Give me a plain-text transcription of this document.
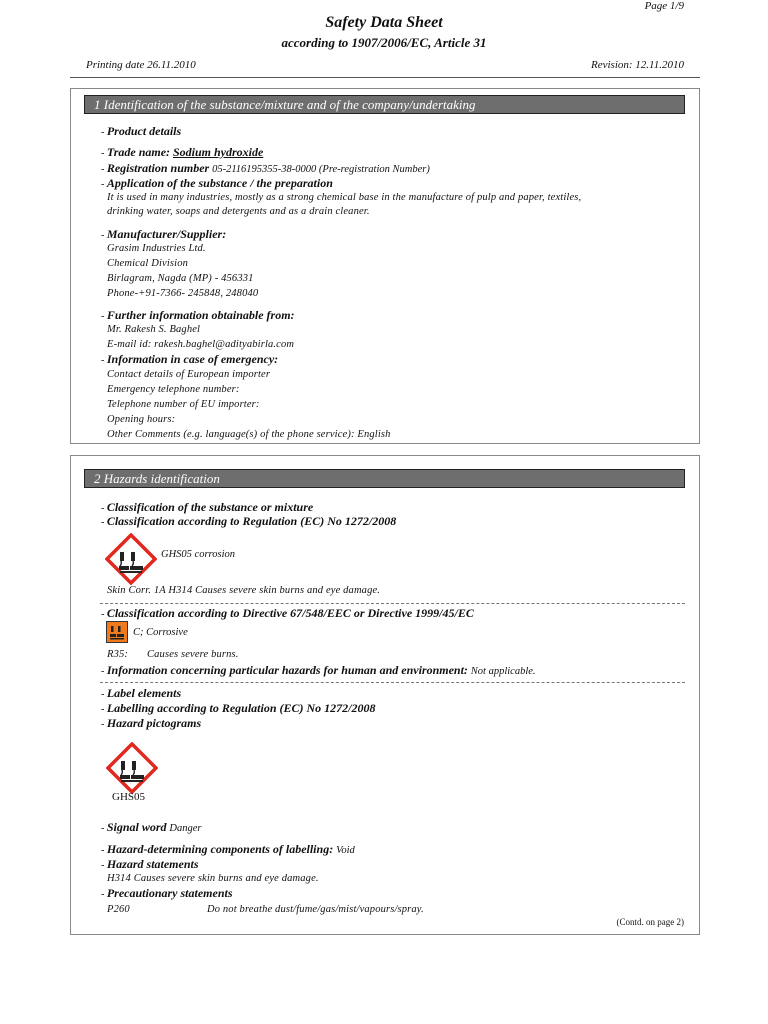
Page 1/9
Safety Data Sheet
according to 1907/2006/EC, Article 31
Printing date 26.11.2010	Revision: 12.11.2010
1 Identification of the substance/mixture and of the company/undertaking
- Product details
- Trade name: Sodium hydroxide
- Registration number 05-2116195355-38-0000 (Pre-registration Number)
- Application of the substance / the preparation
It is used in many industries, mostly as a strong chemical base in the manufacture of pulp and paper, textiles,
drinking water, soaps and detergents and as a drain cleaner.
- Manufacturer/Supplier:
Grasim Industries Ltd.
Chemical Division
Birlagram, Nagda (MP) - 456331
Phone-+91-7366- 245848, 248040
- Further information obtainable from:
Mr. Rakesh S. Baghel
E-mail id: rakesh.baghel@adityabirla.com
- Information in case of emergency:
Contact details of European importer
Emergency telephone number:
Telephone number of EU importer:
Opening hours:
Other Comments (e.g. language(s) of the phone service): English
2 Hazards identification
- Classification of the substance or mixture
- Classification according to Regulation (EC) No 1272/2008
GHS05 corrosion
Skin Corr. 1A H314 Causes severe skin burns and eye damage.
- Classification according to Directive 67/548/EEC or Directive 1999/45/EC
C; Corrosive
R35: Causes severe burns.
- Information concerning particular hazards for human and environment: Not applicable.
- Label elements
- Labelling according to Regulation (EC) No 1272/2008
- Hazard pictograms
GHS05
- Signal word Danger
- Hazard-determining components of labelling: Void
- Hazard statements
H314 Causes severe skin burns and eye damage.
- Precautionary statements
P260	Do not breathe dust/fume/gas/mist/vapours/spray.
(Contd. on page 2)
